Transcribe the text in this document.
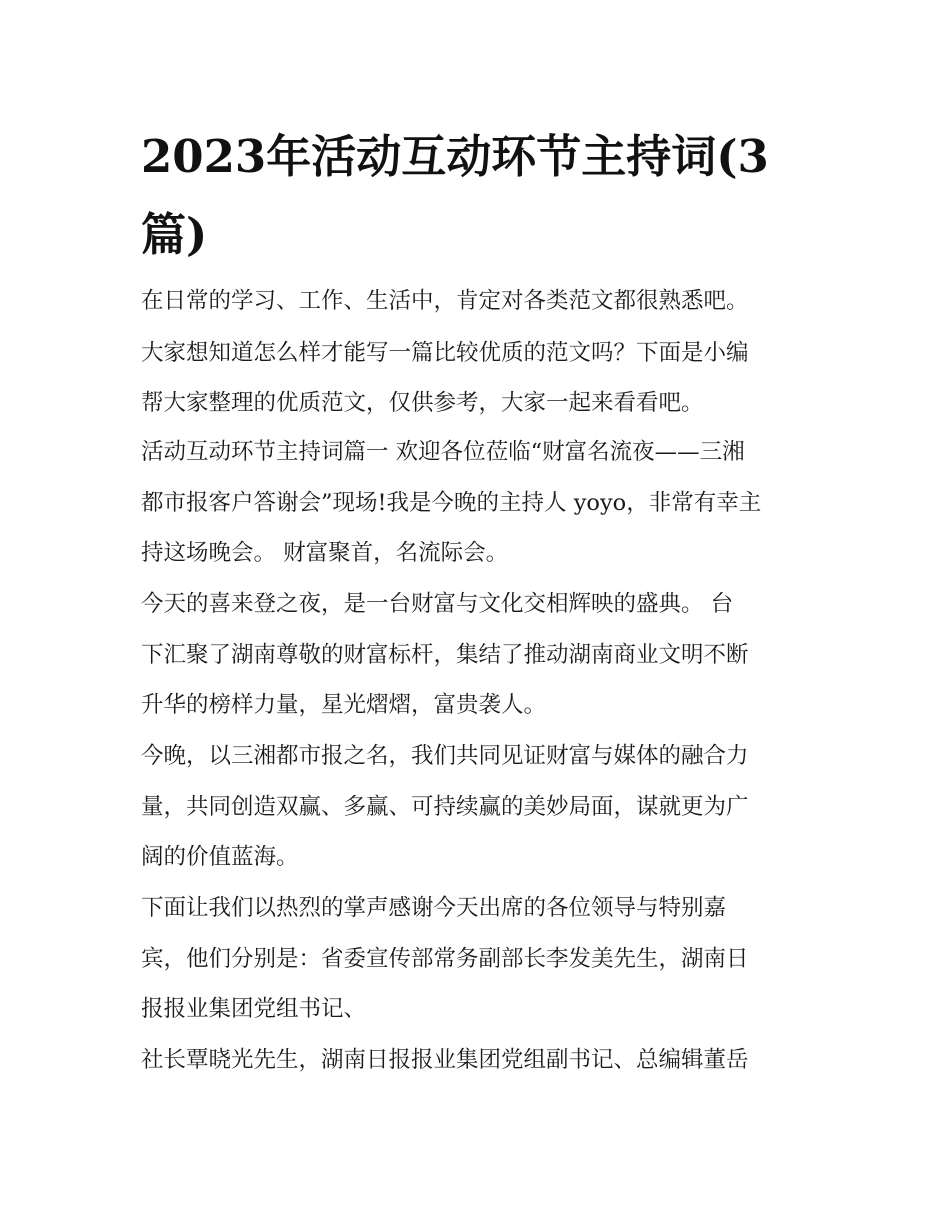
2023年活动互动环节主持词(3篇)

在日常的学习、工作、生活中，肯定对各类范文都很熟悉吧。

大家想知道怎么样才能写一篇比较优质的范文吗？下面是小编

帮大家整理的优质范文，仅供参考，大家一起来看看吧。

活动互动环节主持词篇一 欢迎各位莅临“财富名流夜——三湘

都市报客户答谢会”现场!我是今晚的主持人 yoyo，非常有幸主

持这场晚会。 财富聚首，名流际会。

今天的喜来登之夜，是一台财富与文化交相辉映的盛典。 台

下汇聚了湖南尊敬的财富标杆，集结了推动湖南商业文明不断

升华的榜样力量，星光熠熠，富贵袭人。

今晚，以三湘都市报之名，我们共同见证财富与媒体的融合力

量，共同创造双赢、多赢、可持续赢的美妙局面，谋就更为广

阔的价值蓝海。

下面让我们以热烈的掌声感谢今天出席的各位领导与特别嘉

宾，他们分别是：省委宣传部常务副部长李发美先生，湖南日

报报业集团党组书记、

社长覃晓光先生，湖南日报报业集团党组副书记、总编辑董岳
